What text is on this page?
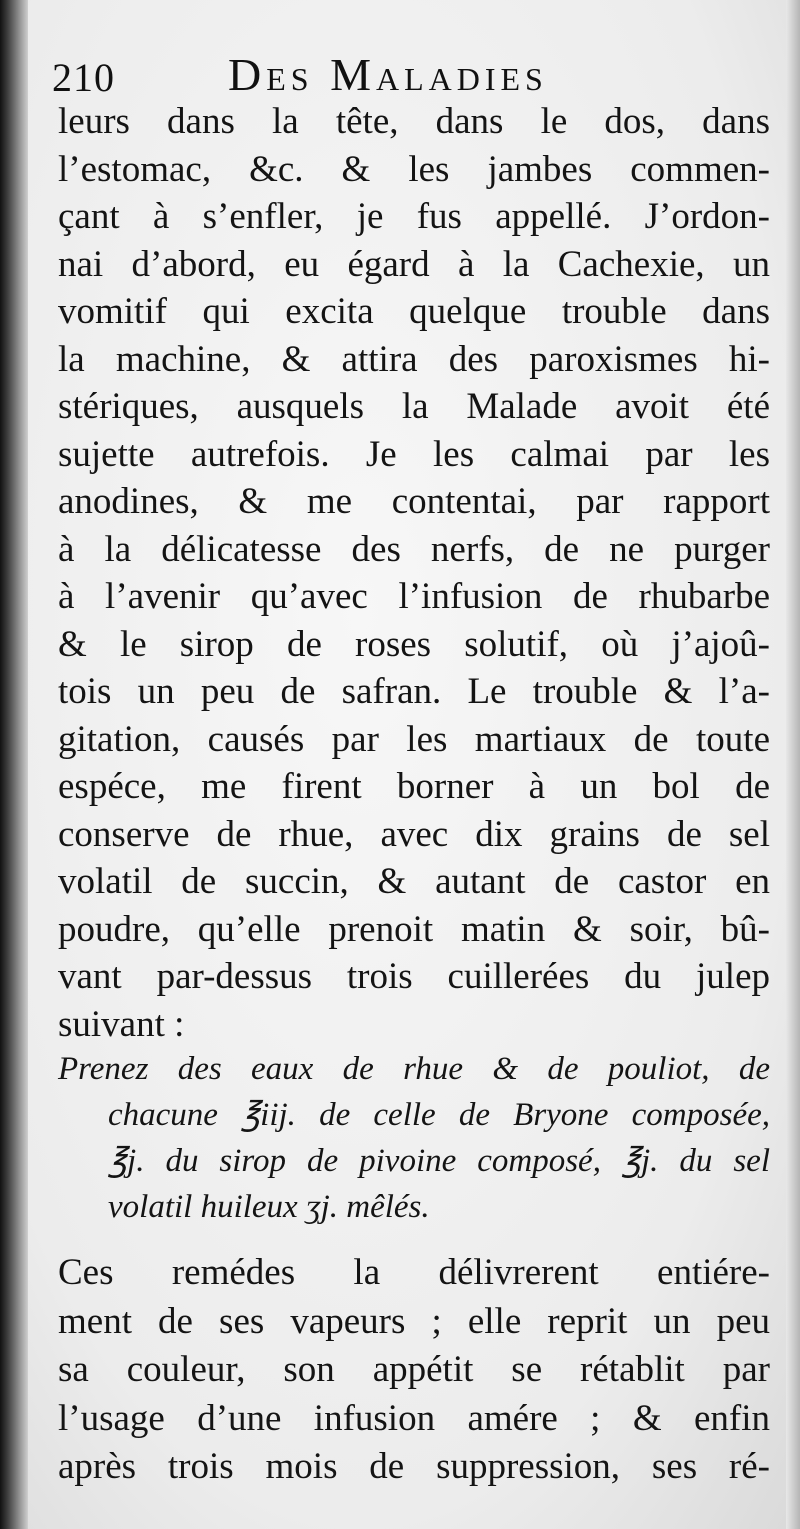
210 Des Maladies
leurs dans la tête, dans le dos, dans
l’estomac, &c. & les jambes commen-
çant à s’enfler, je fus appellé. J’ordon-
nai d’abord, eu égard à la Cachexie, un
vomitif qui excita quelque trouble dans
la machine, & attira des paroxismes hi-
stériques, ausquels la Malade avoit été
sujette autrefois. Je les calmai par les
anodines, & me contentai, par rapport
à la délicatesse des nerfs, de ne purger
à l’avenir qu’avec l’infusion de rhubarbe
& le sirop de roses solutif, où j’ajoû-
tois un peu de safran. Le trouble & l’a-
gitation, causés par les martiaux de toute
espéce, me firent borner à un bol de
conserve de rhue, avec dix grains de sel
volatil de succin, & autant de castor en
poudre, qu’elle prenoit matin & soir, bû-
vant par-dessus trois cuillerées du julep
suivant :
Prenez des eaux de rhue & de pouliot, de
chacune ℥iij. de celle de Bryone composée,
℥j. du sirop de pivoine composé, ℥j. du sel
volatil huileux ʒj. mêlés.
Ces remédes la délivrerent entiére-
ment de ses vapeurs ; elle reprit un peu
sa couleur, son appétit se rétablit par
l’usage d’une infusion amére ; & enfin
après trois mois de suppression, ses ré-
